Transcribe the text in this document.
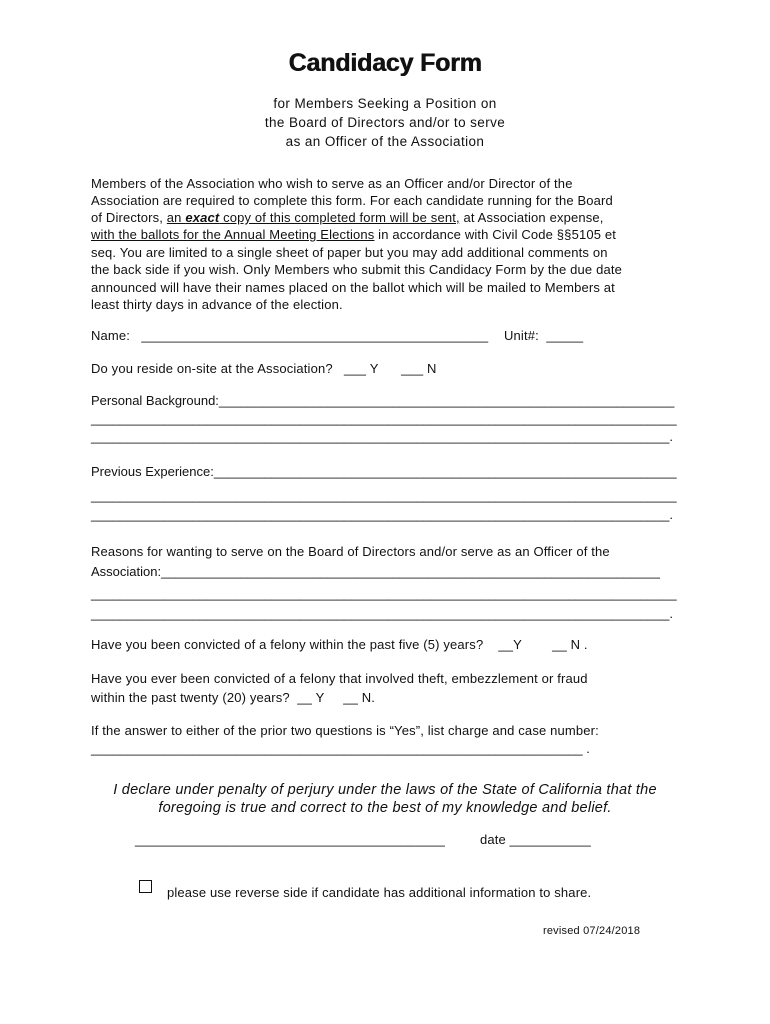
Candidacy Form
for Members Seeking a Position on
the Board of Directors and/or to serve
as an Officer of the Association
Members of the Association who wish to serve as an Officer and/or Director of the
Association are required to complete this form. For each candidate running for the Board
of Directors, an exact copy of this completed form will be sent, at Association expense,
with the ballots for the Annual Meeting Elections in accordance with Civil Code §§5105 et
seq. You are limited to a single sheet of paper but you may add additional comments on
the back side if you wish. Only Members who submit this Candidacy Form by the due date
announced will have their names placed on the ballot which will be mailed to Members at
least thirty days in advance of the election.
Name: _______________________________________________ Unit#: _____
Do you reside on-site at the Association? ___ Y ___ N
Personal Background:_______________________________________________________________
_________________________________________________________________________________
________________________________________________________________________________.
Previous Experience:________________________________________________________________
_________________________________________________________________________________
________________________________________________________________________________.
Reasons for wanting to serve on the Board of Directors and/or serve as an Officer of the
Association:_____________________________________________________________________
_________________________________________________________________________________
________________________________________________________________________________.
Have you been convicted of a felony within the past five (5) years? __Y __ N .
Have you ever been convicted of a felony that involved theft, embezzlement or fraud
within the past twenty (20) years? __ Y __ N.
If the answer to either of the prior two questions is “Yes”, list charge and case number:
____________________________________________________________________ .
I declare under penalty of perjury under the laws of the State of California that the
foregoing is true and correct to the best of my knowledge and belief.
__________________________________________	date ___________
please use reverse side if candidate has additional information to share.
revised 07/24/2018
